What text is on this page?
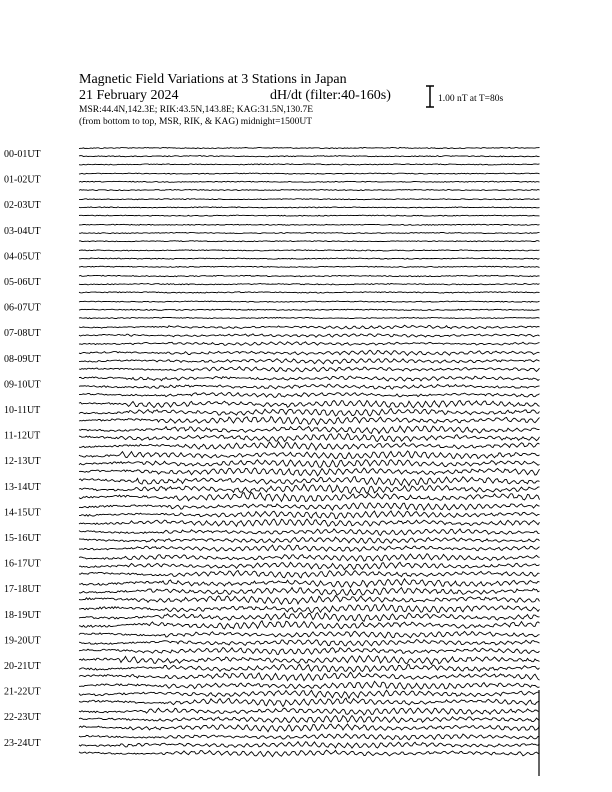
Magnetic Field Variations at 3 Stations in Japan
21 February 2024	dH/dt (filter:40-160s)
MSR:44.4N,142.3E; RIK:43.5N,143.8E; KAG:31.5N,130.7E
(from bottom to top, MSR, RIK, & KAG) midnight=1500UT
1.00 nT at T=80s
00-01UT
01-02UT
02-03UT
03-04UT
04-05UT
05-06UT
06-07UT
07-08UT
08-09UT
09-10UT
10-11UT
11-12UT
12-13UT
13-14UT
14-15UT
15-16UT
16-17UT
17-18UT
18-19UT
19-20UT
20-21UT
21-22UT
22-23UT
23-24UT
